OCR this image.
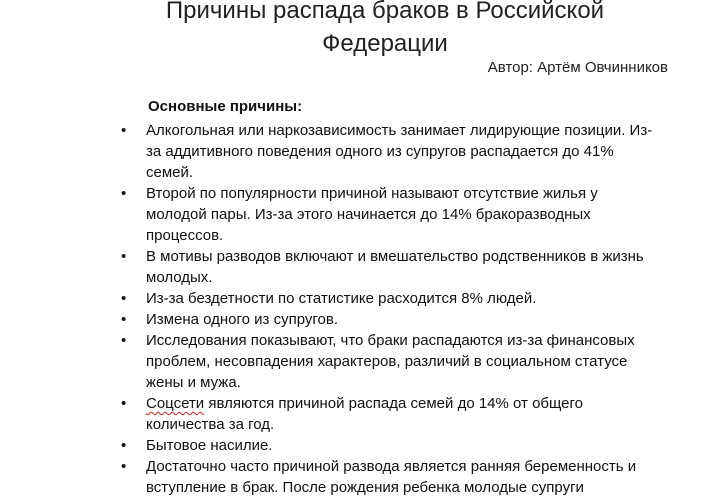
Причины распада браков в Российской Федерации
Автор: Артём Овчинников
Основные причины:
• Алкогольная или наркозависимость занимает лидирующие позиции. Из-за аддитивного поведения одного из супругов распадается до 41% семей.
• Второй по популярности причиной называют отсутствие жилья у молодой пары. Из-за этого начинается до 14% бракоразводных процессов.
• В мотивы разводов включают и вмешательство родственников в жизнь молодых.
• Из-за бездетности по статистике расходится 8% людей.
• Измена одного из супругов.
• Исследования показывают, что браки распадаются из-за финансовых проблем, несовпадения характеров, различий в социальном статусе жены и мужа.
• Соцсети являются причиной распада семей до 14% от общего количества за год.
• Бытовое насилие.
• Достаточно часто причиной развода является ранняя беременность и вступление в брак. После рождения ребенка молодые супруги
